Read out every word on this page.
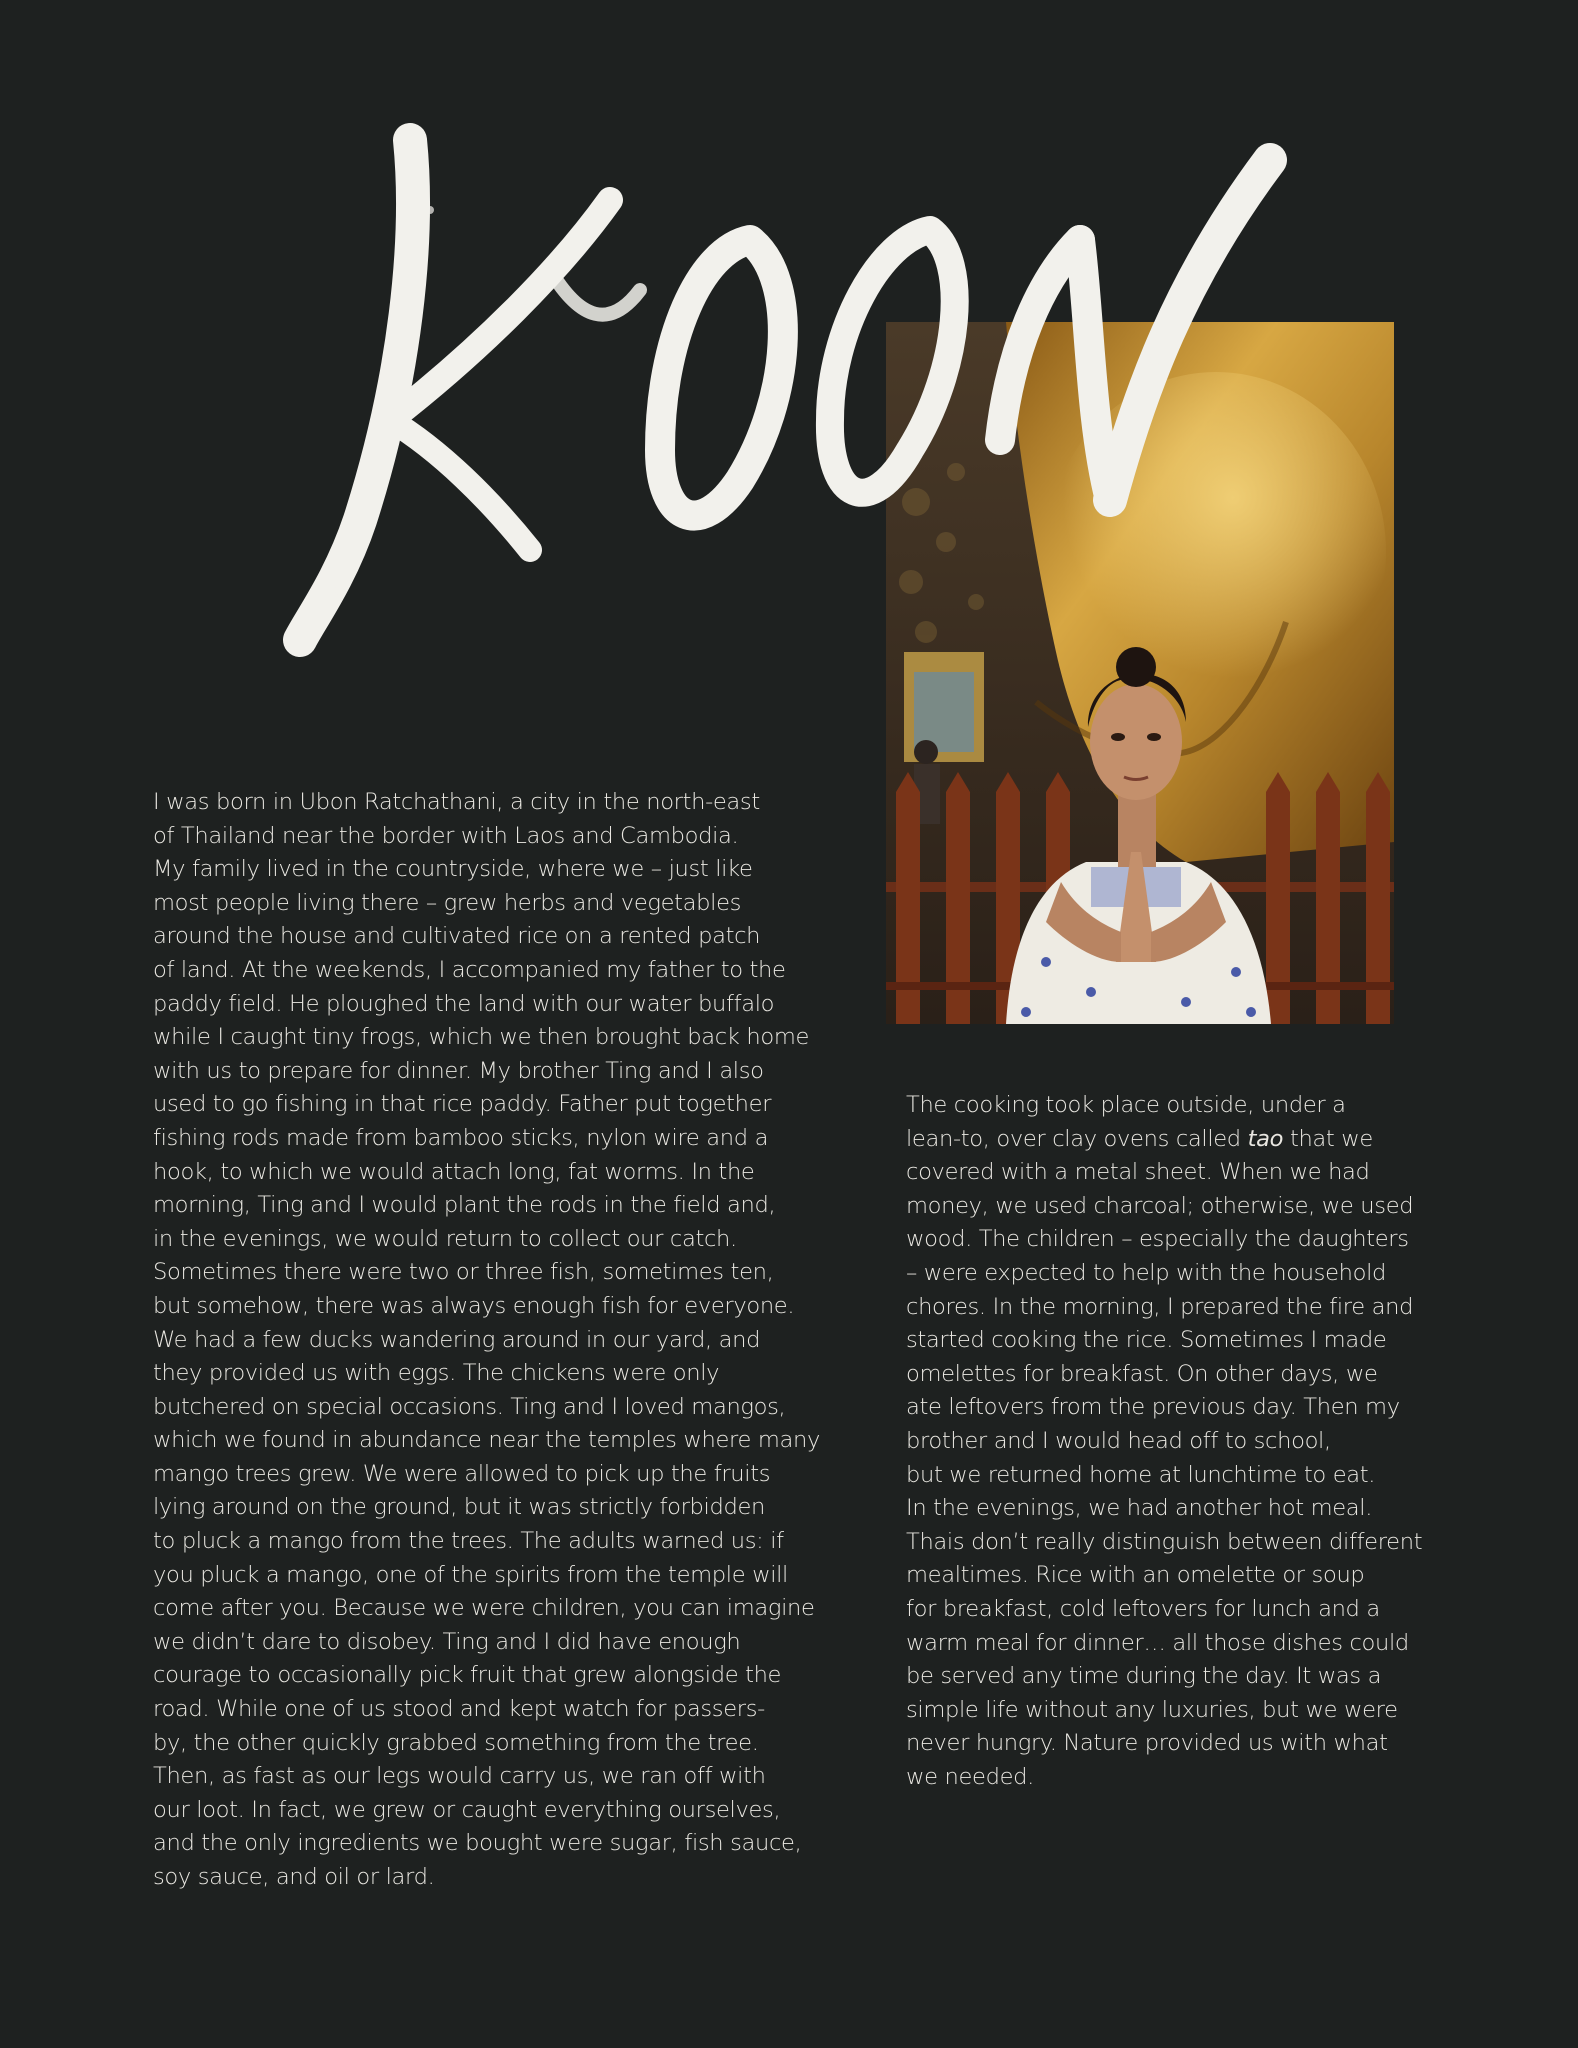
I was born in Ubon Ratchathani, a city in the north-east
of Thailand near the border with Laos and Cambodia.
My family lived in the countryside, where we – just like
most people living there – grew herbs and vegetables
around the house and cultivated rice on a rented patch
of land. At the weekends, I accompanied my father to the
paddy field. He ploughed the land with our water buffalo
while I caught tiny frogs, which we then brought back home
with us to prepare for dinner. My brother Ting and I also
used to go fishing in that rice paddy. Father put together
fishing rods made from bamboo sticks, nylon wire and a
hook, to which we would attach long, fat worms. In the
morning, Ting and I would plant the rods in the field and,
in the evenings, we would return to collect our catch.
Sometimes there were two or three fish, sometimes ten,
but somehow, there was always enough fish for everyone.
We had a few ducks wandering around in our yard, and
they provided us with eggs. The chickens were only
butchered on special occasions. Ting and I loved mangos,
which we found in abundance near the temples where many
mango trees grew. We were allowed to pick up the fruits
lying around on the ground, but it was strictly forbidden
to pluck a mango from the trees. The adults warned us: if
you pluck a mango, one of the spirits from the temple will
come after you. Because we were children, you can imagine
we didn’t dare to disobey. Ting and I did have enough
courage to occasionally pick fruit that grew alongside the
road. While one of us stood and kept watch for passers-
by, the other quickly grabbed something from the tree.
Then, as fast as our legs would carry us, we ran off with
our loot. In fact, we grew or caught everything ourselves,
and the only ingredients we bought were sugar, fish sauce,
soy sauce, and oil or lard.
The cooking took place outside, under a
lean-to, over clay ovens called tao that we
covered with a metal sheet. When we had
money, we used charcoal; otherwise, we used
wood. The children – especially the daughters
– were expected to help with the household
chores. In the morning, I prepared the fire and
started cooking the rice. Sometimes I made
omelettes for breakfast. On other days, we
ate leftovers from the previous day. Then my
brother and I would head off to school,
but we returned home at lunchtime to eat.
In the evenings, we had another hot meal.
Thais don’t really distinguish between different
mealtimes. Rice with an omelette or soup
for breakfast, cold leftovers for lunch and a
warm meal for dinner… all those dishes could
be served any time during the day. It was a
simple life without any luxuries, but we were
never hungry. Nature provided us with what
we needed.
